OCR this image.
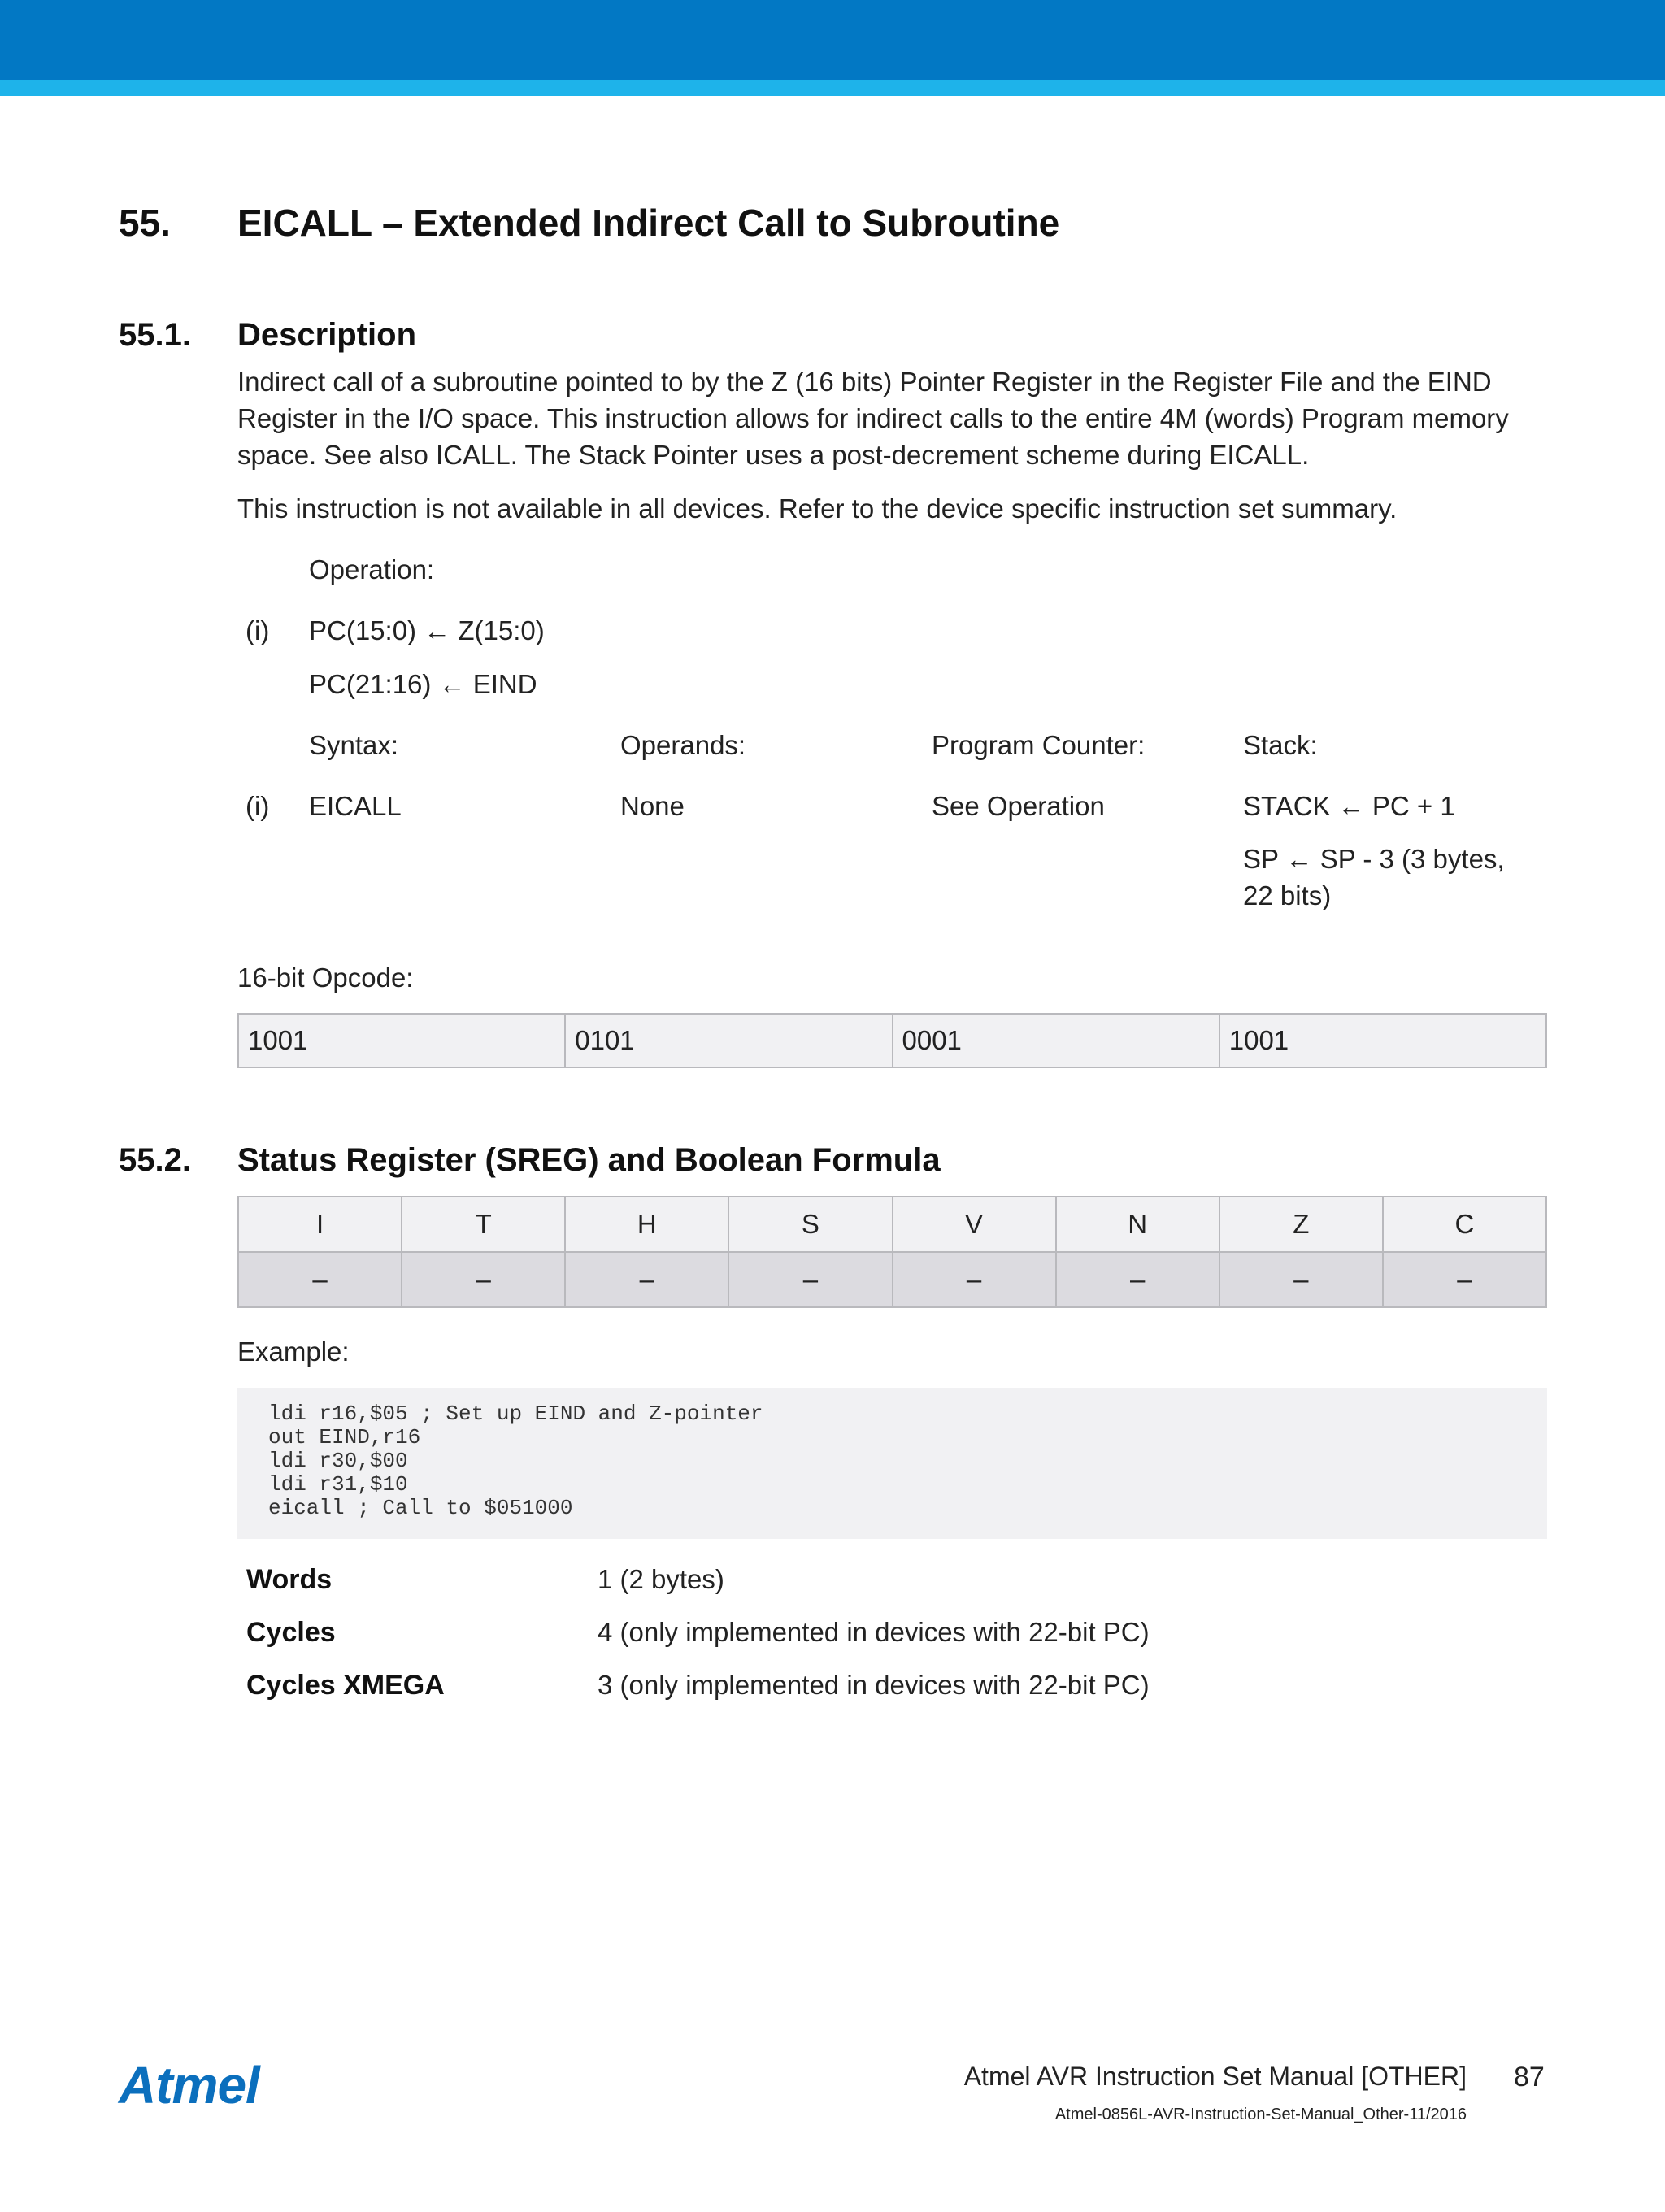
55. EICALL – Extended Indirect Call to Subroutine
55.1. Description

Indirect call of a subroutine pointed to by the Z (16 bits) Pointer Register in the Register File and the EIND Register in the I/O space. This instruction allows for indirect calls to the entire 4M (words) Program memory space. See also ICALL. The Stack Pointer uses a post-decrement scheme during EICALL.

This instruction is not available in all devices. Refer to the device specific instruction set summary.

Operation:
(i) PC(15:0) ← Z(15:0)
PC(21:16) ← EIND
Syntax:	Operands:	Program Counter:	Stack:
(i) EICALL	None	See Operation	STACK ← PC + 1
SP ← SP - 3 (3 bytes,
22 bits)
16-bit Opcode:
1001	0101	0001	1001
55.2. Status Register (SREG) and Boolean Formula
I	T	H	S	V	N	Z	C
–	–	–	–	–	–	–	–
Example:
ldi r16,$05 ; Set up EIND and Z-pointer
out EIND,r16
ldi r30,$00
ldi r31,$10
eicall ; Call to $051000
Words	1 (2 bytes)
Cycles	4 (only implemented in devices with 22-bit PC)
Cycles XMEGA	3 (only implemented in devices with 22-bit PC)
Atmel	Atmel AVR Instruction Set Manual [OTHER] 87
Atmel-0856L-AVR-Instruction-Set-Manual_Other-11/2016
